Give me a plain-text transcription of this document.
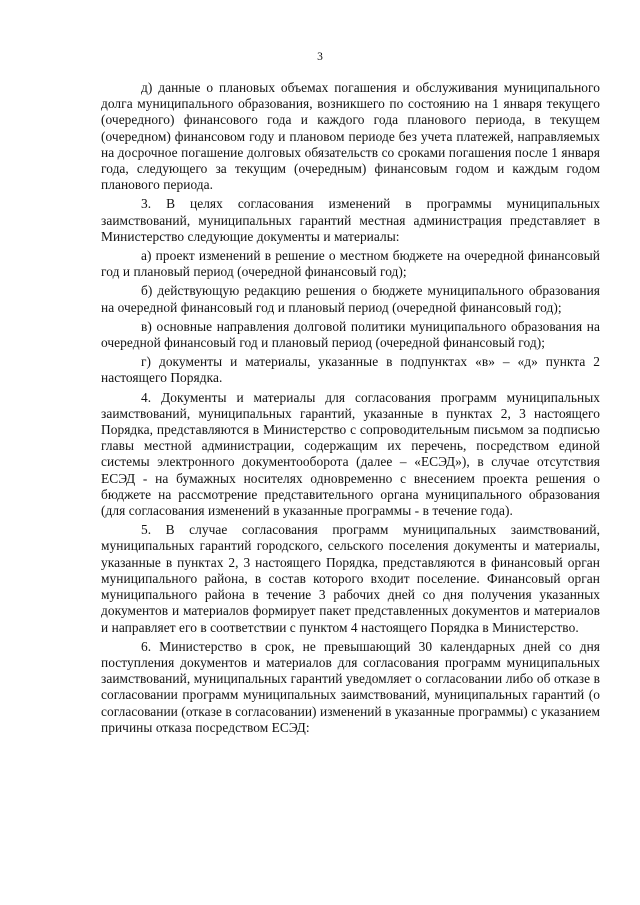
3

д) данные о плановых объемах погашения и обслуживания муниципального долга муниципального образования, возникшего по состоянию на 1 января текущего (очередного) финансового года и каждого года планового периода, в текущем (очередном) финансовом году и плановом периоде без учета платежей, направляемых на досрочное погашение долговых обязательств со сроками погашения после 1 января года, следующего за текущим (очередным) финансовым годом и каждым годом планового периода.

3. В целях согласования изменений в программы муниципальных заимствований, муниципальных гарантий местная администрация представляет в Министерство следующие документы и материалы:

а) проект изменений в решение о местном бюджете на очередной финансовый год и плановый период (очередной финансовый год);

б) действующую редакцию решения о бюджете муниципального образования на очередной финансовый год и плановый период (очередной финансовый год);

в) основные направления долговой политики муниципального образования на очередной финансовый год и плановый период (очередной финансовый год);

г) документы и материалы, указанные в подпунктах «в» – «д» пункта 2 настоящего Порядка.

4. Документы и материалы для согласования программ муниципальных заимствований, муниципальных гарантий, указанные в пунктах 2, 3 настоящего Порядка, представляются в Министерство с сопроводительным письмом за подписью главы местной администрации, содержащим их перечень, посредством единой системы электронного документооборота (далее – «ЕСЭД»), в случае отсутствия ЕСЭД - на бумажных носителях одновременно с внесением проекта решения о бюджете на рассмотрение представительного органа муниципального образования (для согласования изменений в указанные программы - в течение года).

5. В случае согласования программ муниципальных заимствований, муниципальных гарантий городского, сельского поселения документы и материалы, указанные в пунктах 2, 3 настоящего Порядка, представляются в финансовый орган муниципального района, в состав которого входит поселение. Финансовый орган муниципального района в течение 3 рабочих дней со дня получения указанных документов и материалов формирует пакет представленных документов и материалов и направляет его в соответствии с пунктом 4 настоящего Порядка в Министерство.

6. Министерство в срок, не превышающий 30 календарных дней со дня поступления документов и материалов для согласования программ муниципальных заимствований, муниципальных гарантий уведомляет о согласовании либо об отказе в согласовании программ муниципальных заимствований, муниципальных гарантий (о согласовании (отказе в согласовании) изменений в указанные программы) с указанием причины отказа посредством ЕСЭД:
